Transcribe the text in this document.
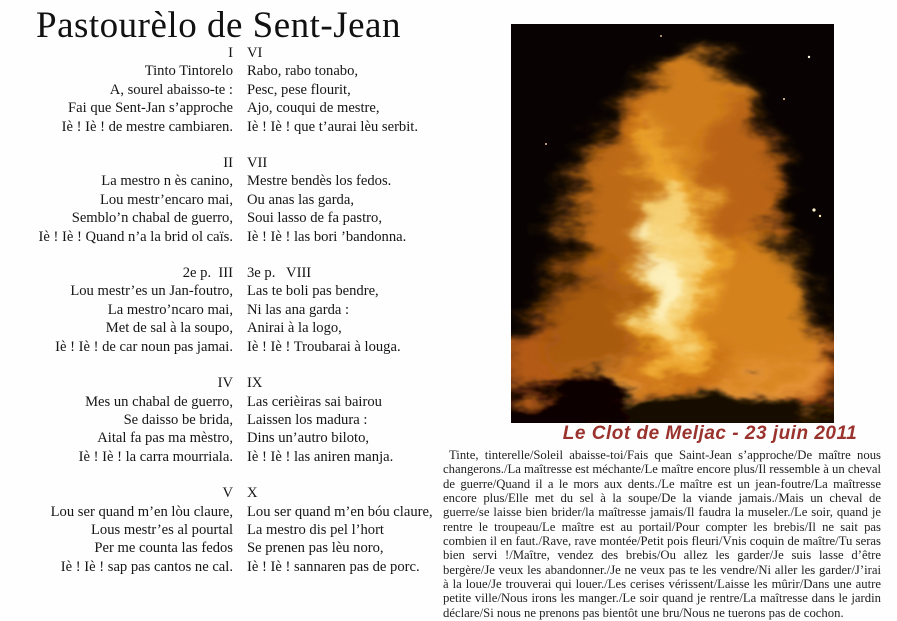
Pastourèlo de Sent-Jean
I
Tinto Tintorelo
A, sourel abaisso-te :
Fai que Sent-Jan s’approche
Iè ! Iè ! de mestre cambiaren.
II
La mestro n ès canino,
Lou mestr’encaro mai,
Semblo’n chabal de guerro,
Iè ! Iè ! Quand n’a la brid ol caïs.
2e p.  III
Lou mestr’es un Jan-foutro,
La mestro’ncaro mai,
Met de sal à la soupo,
Iè ! Iè ! de car noun pas jamai.
IV
Mes un chabal de guerro,
Se daisso be brida,
Aital fa pas ma mèstro,
Iè ! Iè ! la carra mourriala.
V
Lou ser quand m’en lòu claure,
Lous mestr’es al pourtal
Per me counta las fedos
Iè ! Iè ! sap pas cantos ne cal.
VI
Rabo, rabo tonabo,
Pesc, pese flourit,
Ajo, couqui de mestre,
Iè ! Iè ! que t’aurai lèu serbit.
VII
Mestre bendès los fedos.
Ou anas las garda,
Soui lasso de fa pastro,
Iè ! Iè ! las bori ’bandonna.
3e p.   VIII
Las te boli pas bendre,
Ni las ana garda :
Anirai à la logo,
Iè ! Iè ! Troubarai à louga.
IX
Las cerièiras sai bairou
Laissen los madura :
Dins un’autro biloto,
Iè ! Iè ! las aniren manja.
X
Lou ser quand m’en bóu claure,
La mestro dis pel l’hort
Se prenen pas lèu noro,
Iè ! Iè ! sannaren pas de porc.
Le Clot de Meljac - 23 juin 2011
Tinte, tinterelle/Soleil abaisse-toi/Fais que Saint-Jean s’approche/De maître nous changerons./La maîtresse est méchante/Le maître encore plus/Il ressemble à un cheval de guerre/Quand il a le mors aux dents./Le maître est un jean-foutre/La maîtresse encore plus/Elle met du sel à la soupe/De la viande jamais./Mais un cheval de guerre/se laisse bien brider/la maîtresse jamais/Il faudra la museler./Le soir, quand je rentre le troupeau/Le maître est au portail/Pour compter les brebis/Il ne sait pas combien il en faut./Rave, rave montée/Petit pois fleuri/Vnis coquin de maître/Tu seras bien servi !/Maître, vendez des brebis/Ou allez les garder/Je suis lasse d’être bergère/Je veux les abandonner./Je ne veux pas te les vendre/Ni aller les garder/J’irai à la loue/Je trouverai qui louer./Les cerises vérissent/Laisse les mûrir/Dans une autre petite ville/Nous irons les manger./Le soir quand je rentre/La maîtresse dans le jardin déclare/Si nous ne prenons pas bientôt une bru/Nous ne tuerons pas de cochon.
